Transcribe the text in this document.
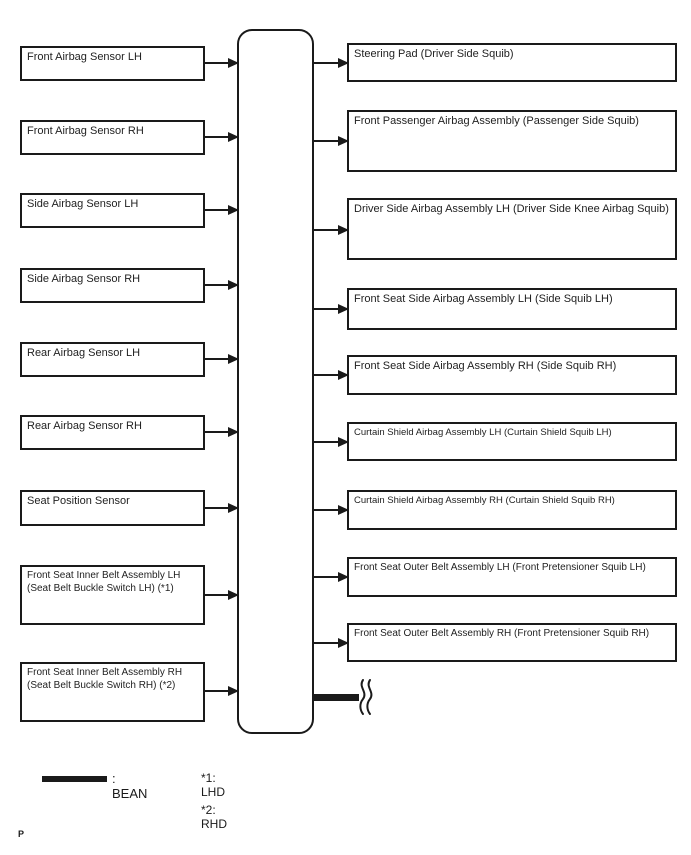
Front Airbag Sensor LH
Front Airbag Sensor RH
Side Airbag Sensor LH
Side Airbag Sensor RH
Rear Airbag Sensor LH
Rear Airbag Sensor RH
Seat Position Sensor
Front Seat Inner Belt Assembly LH (Seat Belt Buckle Switch LH) (*1)
Front Seat Inner Belt Assembly RH (Seat Belt Buckle Switch RH) (*2)
Steering Pad (Driver Side Squib)
Front Passenger Airbag Assembly (Passenger Side Squib)
Driver Side Airbag Assembly LH (Driver Side Knee Airbag Squib)
Front Seat Side Airbag Assembly LH (Side Squib LH)
Front Seat Side Airbag Assembly RH (Side Squib RH)
Curtain Shield Airbag Assembly LH (Curtain Shield Squib LH)
Curtain Shield Airbag Assembly RH (Curtain Shield Squib RH)
Front Seat Outer Belt Assembly LH (Front Pretensioner Squib LH)
Front Seat Outer Belt Assembly RH (Front Pretensioner Squib RH)
: BEAN
*1: LHD
*2: RHD
P
